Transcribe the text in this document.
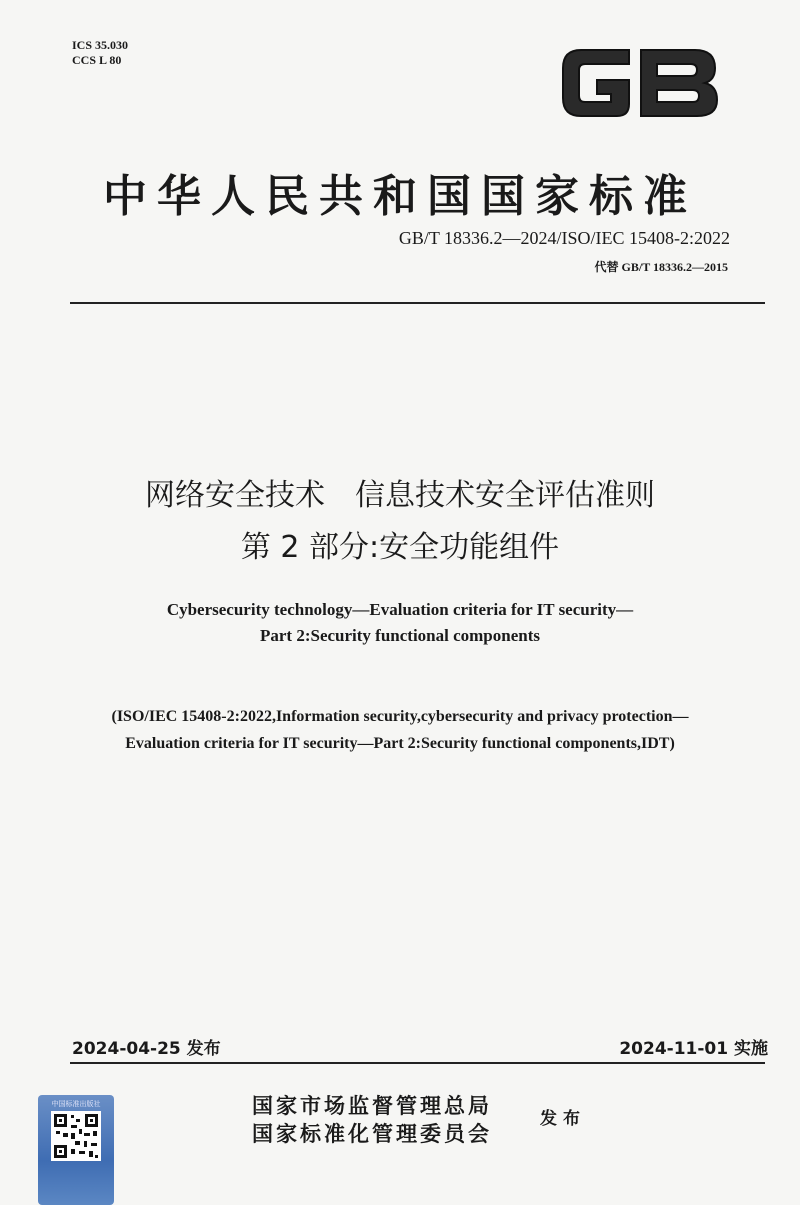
ICS 35.030
CCS L 80
中华人民共和国国家标准
GB/T 18336.2—2024/ISO/IEC 15408-2:2022
代替 GB/T 18336.2—2015
网络安全技术　信息技术安全评估准则
第 2 部分:安全功能组件
Cybersecurity technology—Evaluation criteria for IT security—
Part 2:Security functional components
(ISO/IEC 15408-2:2022,Information security,cybersecurity and privacy protection—
Evaluation criteria for IT security—Part 2:Security functional components,IDT)
2024-04-25 发布	2024-11-01 实施
国家市场监督管理总局
国家标准化管理委员会
发布
中国标准出版社
